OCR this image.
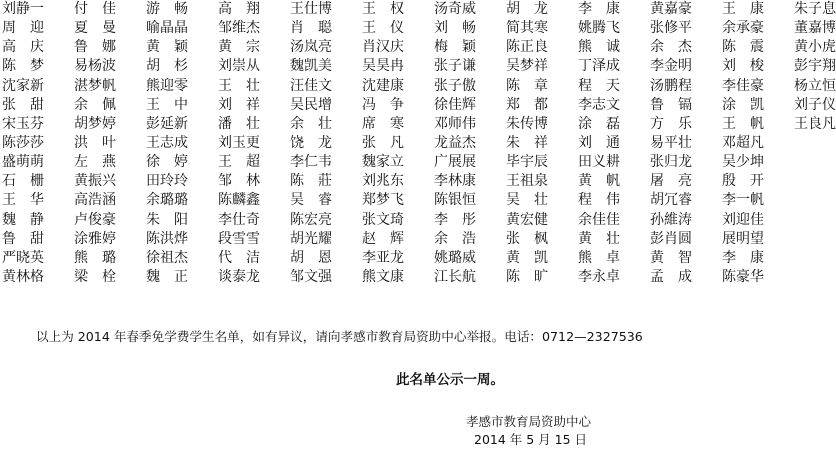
刘静一	付　佳	游　畅	高　翔	王仕博	王　权	汤奇威	胡　龙	李　康	黄嘉豪	王　康	朱子息
周　迎	夏　曼	喻晶晶	邹维杰	肖　聪	王　仪	刘　畅	简其寒	姚腾飞	张修平	余承豪	董嘉博
高　庆	鲁　娜	黄　颖	黄　宗	汤岚亮	肖汉庆	梅　颖	陈正良	熊　诚	余　杰	陈　震	黄小虎
陈　梦	易杨波	胡　杉	刘崇从	魏凯美	吴昊冉	张子谦	吴梦祥	丁泽成	李金明	刘　梭	彭宇翔
沈家新	湛梦帆	熊迎零	王　壮	汪佳文	沈建康	张子傲	陈　章	程　天	汤鹏程	李佳豪	杨立恒
张　甜	余　佩	王　中	刘　祥	吴民增	冯　争	徐佳辉	郑　都	李志文	鲁　镉	涂　凯	刘子仪
宋玉芬	胡梦婷	彭延新	潘　壮	余　壮	席　寒	邓师伟	朱传博	涂　磊	方　乐	王　帆	王良凡
陈莎莎	洪　叶	王志成	刘玉更	饶　龙	张　凡	龙益杰	朱　祥	刘　通	易平壮	邓超凡
盛萌萌	左　燕	徐　婷	王　超	李仁韦	魏家立	广展展	毕宇辰	田义耕	张归龙	吴少坤
石　栅	黄振兴	田玲玲	邹　林	陈　莊	刘兆东	李林康	王祖泉	黄　帆	屠　亮	殷　开
王　华	高浩涵	余璐璐	陈麟鑫	吴　睿	郑梦飞	陈银恒	吴　壮	程　伟	胡冗睿	李一帆
魏　静	卢俊豪	朱　阳	李仕奇	陈宏亮	张文琦	李　彤	黄宏健	余佳佳	孙維涛	刘迎佳
鲁　甜	涂雅婷	陈洪烨	段雪雪	胡光耀	赵　辉	余　浩	张　枫	黄　壮	彭肖圆	展明望
严晓英	熊　璐	徐祖杰	代　洁	胡　恩	李亚龙	姚璐威	黄　凯	熊　卓	黄　智	李　康
黄林格	梁　栓	魏　正	谈泰龙	邹文强	熊文康	江长航	陈　旷	李永卓	孟　成	陈豪华
以上为 2014 年春季免学费学生名单，如有异议，请向孝感市教育局资助中心举报。电话：0712—2327536
此名单公示一周。
孝感市教育局资助中心
2014 年 5 月 15 日
